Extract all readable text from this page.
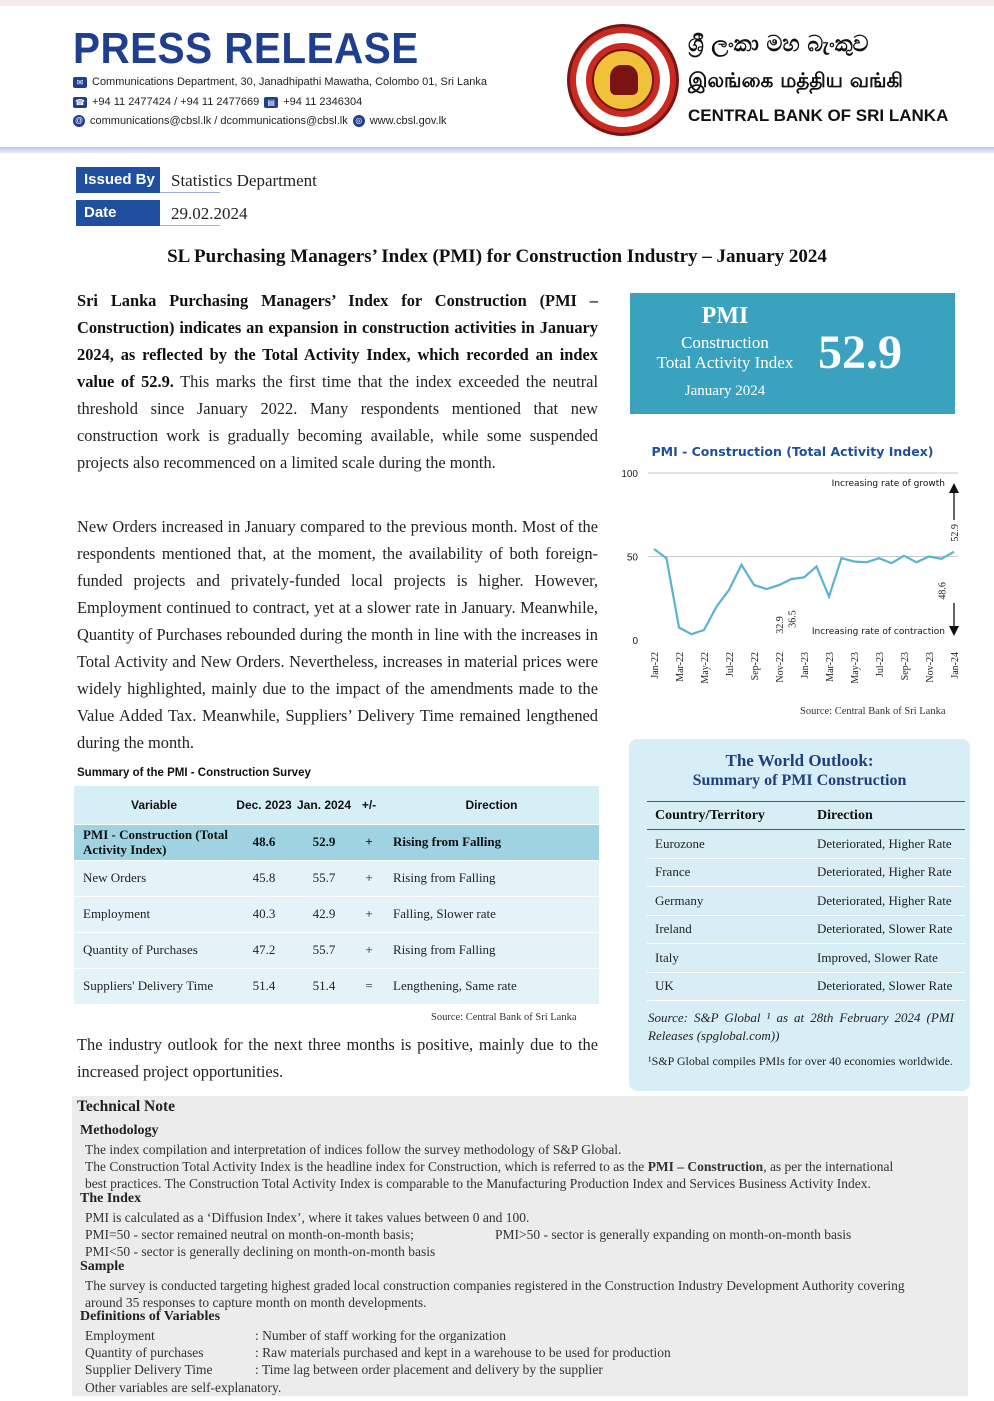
PRESS RELEASE
✉ Communications Department, 30, Janadhipathi Mawatha, Colombo 01, Sri Lanka
☎ +94 11 2477424 / +94 11 2477669	▤ +94 11 2346304
@ communications@cbsl.lk / dcommunications@cbsl.lk ◎ www.cbsl.gov.lk
ශ්‍රී ලංකා මහ බැංකුව
இலங்கை மத்திய வங்கி
CENTRAL BANK OF SRI LANKA
Issued By Statistics Department
Date	29.02.2024
SL Purchasing Managers’ Index (PMI) for Construction Industry – January 2024
Sri Lanka Purchasing Managers’ Index for Construction (PMI – Construction) indicates an expansion in construction activities in January 2024, as reflected by the Total Activity Index, which recorded an index value of 52.9. This marks the first time that the index exceeded the neutral threshold since January 2022. Many respondents mentioned that new construction work is gradually becoming available, while some suspended projects also recommenced on a limited scale during the month.
New Orders increased in January compared to the previous month. Most of the respondents mentioned that, at the moment, the availability of both foreign-funded projects and privately-funded local projects is higher. However, Employment continued to contract, yet at a slower rate in January. Meanwhile, Quantity of Purchases rebounded during the month in line with the increases in Total Activity and New Orders. Nevertheless, increases in material prices were widely highlighted, mainly due to the impact of the amendments made to the Value Added Tax. Meanwhile, Suppliers’ Delivery Time remained lengthened during the month.
The industry outlook for the next three months is positive, mainly due to the increased project opportunities.
PMI
Construction
Total Activity Index
January 2024
52.9
PMI - Construction (Total Activity Index)
0
50
100
Jan-22 Mar-22 May-22 Jul-22 Sep-22 Nov-22 Jan-23 Mar-23 May-23 Jul-23 Sep-23 Nov-23 Jan-24
32.9 36.5
48.6
52.9
Increasing rate of growth
Increasing rate of contraction
Source: Central Bank of Sri Lanka
Summary of the PMI - Construction Survey
Variable	Dec. 2023	Jan. 2024	+/-	Direction
PMI - Construction (Total Activity Index)	48.6	52.9	+	Rising from Falling
New Orders	45.8	55.7	+	Rising from Falling
Employment	40.3	42.9	+	Falling, Slower rate
Quantity of Purchases	47.2	55.7	+	Rising from Falling
Suppliers' Delivery Time	51.4	51.4	=	Lengthening, Same rate
Source: Central Bank of Sri Lanka
The World Outlook:
Summary of PMI Construction
Country/Territory	Direction
Eurozone	Deteriorated, Higher Rate
France	Deteriorated, Higher Rate
Germany	Deteriorated, Higher Rate
Ireland	Deteriorated, Slower Rate
Italy	Improved, Slower Rate
UK	Deteriorated, Slower Rate
Source: S&P Global ¹ as at 28th February 2024 (PMI Releases (spglobal.com))
¹S&P Global compiles PMIs for over 40 economies worldwide.
Technical Note
Methodology
The index compilation and interpretation of indices follow the survey methodology of S&P Global.
The Construction Total Activity Index is the headline index for Construction, which is referred to as the PMI – Construction, as per the international
best practices. The Construction Total Activity Index is comparable to the Manufacturing Production Index and Services Business Activity Index.
The Index
PMI is calculated as a ‘Diffusion Index’, where it takes values between 0 and 100.
PMI=50 - sector remained neutral on month-on-month basis;	PMI>50 - sector is generally expanding on month-on-month basis
PMI<50 - sector is generally declining on month-on-month basis
Sample
The survey is conducted targeting highest graded local construction companies registered in the Construction Industry Development Authority covering
around 35 responses to capture month on month developments.
Definitions of Variables
Employment	: Number of staff working for the organization
Quantity of purchases	: Raw materials purchased and kept in a warehouse to be used for production
Supplier Delivery Time	: Time lag between order placement and delivery by the supplier
Other variables are self-explanatory.
